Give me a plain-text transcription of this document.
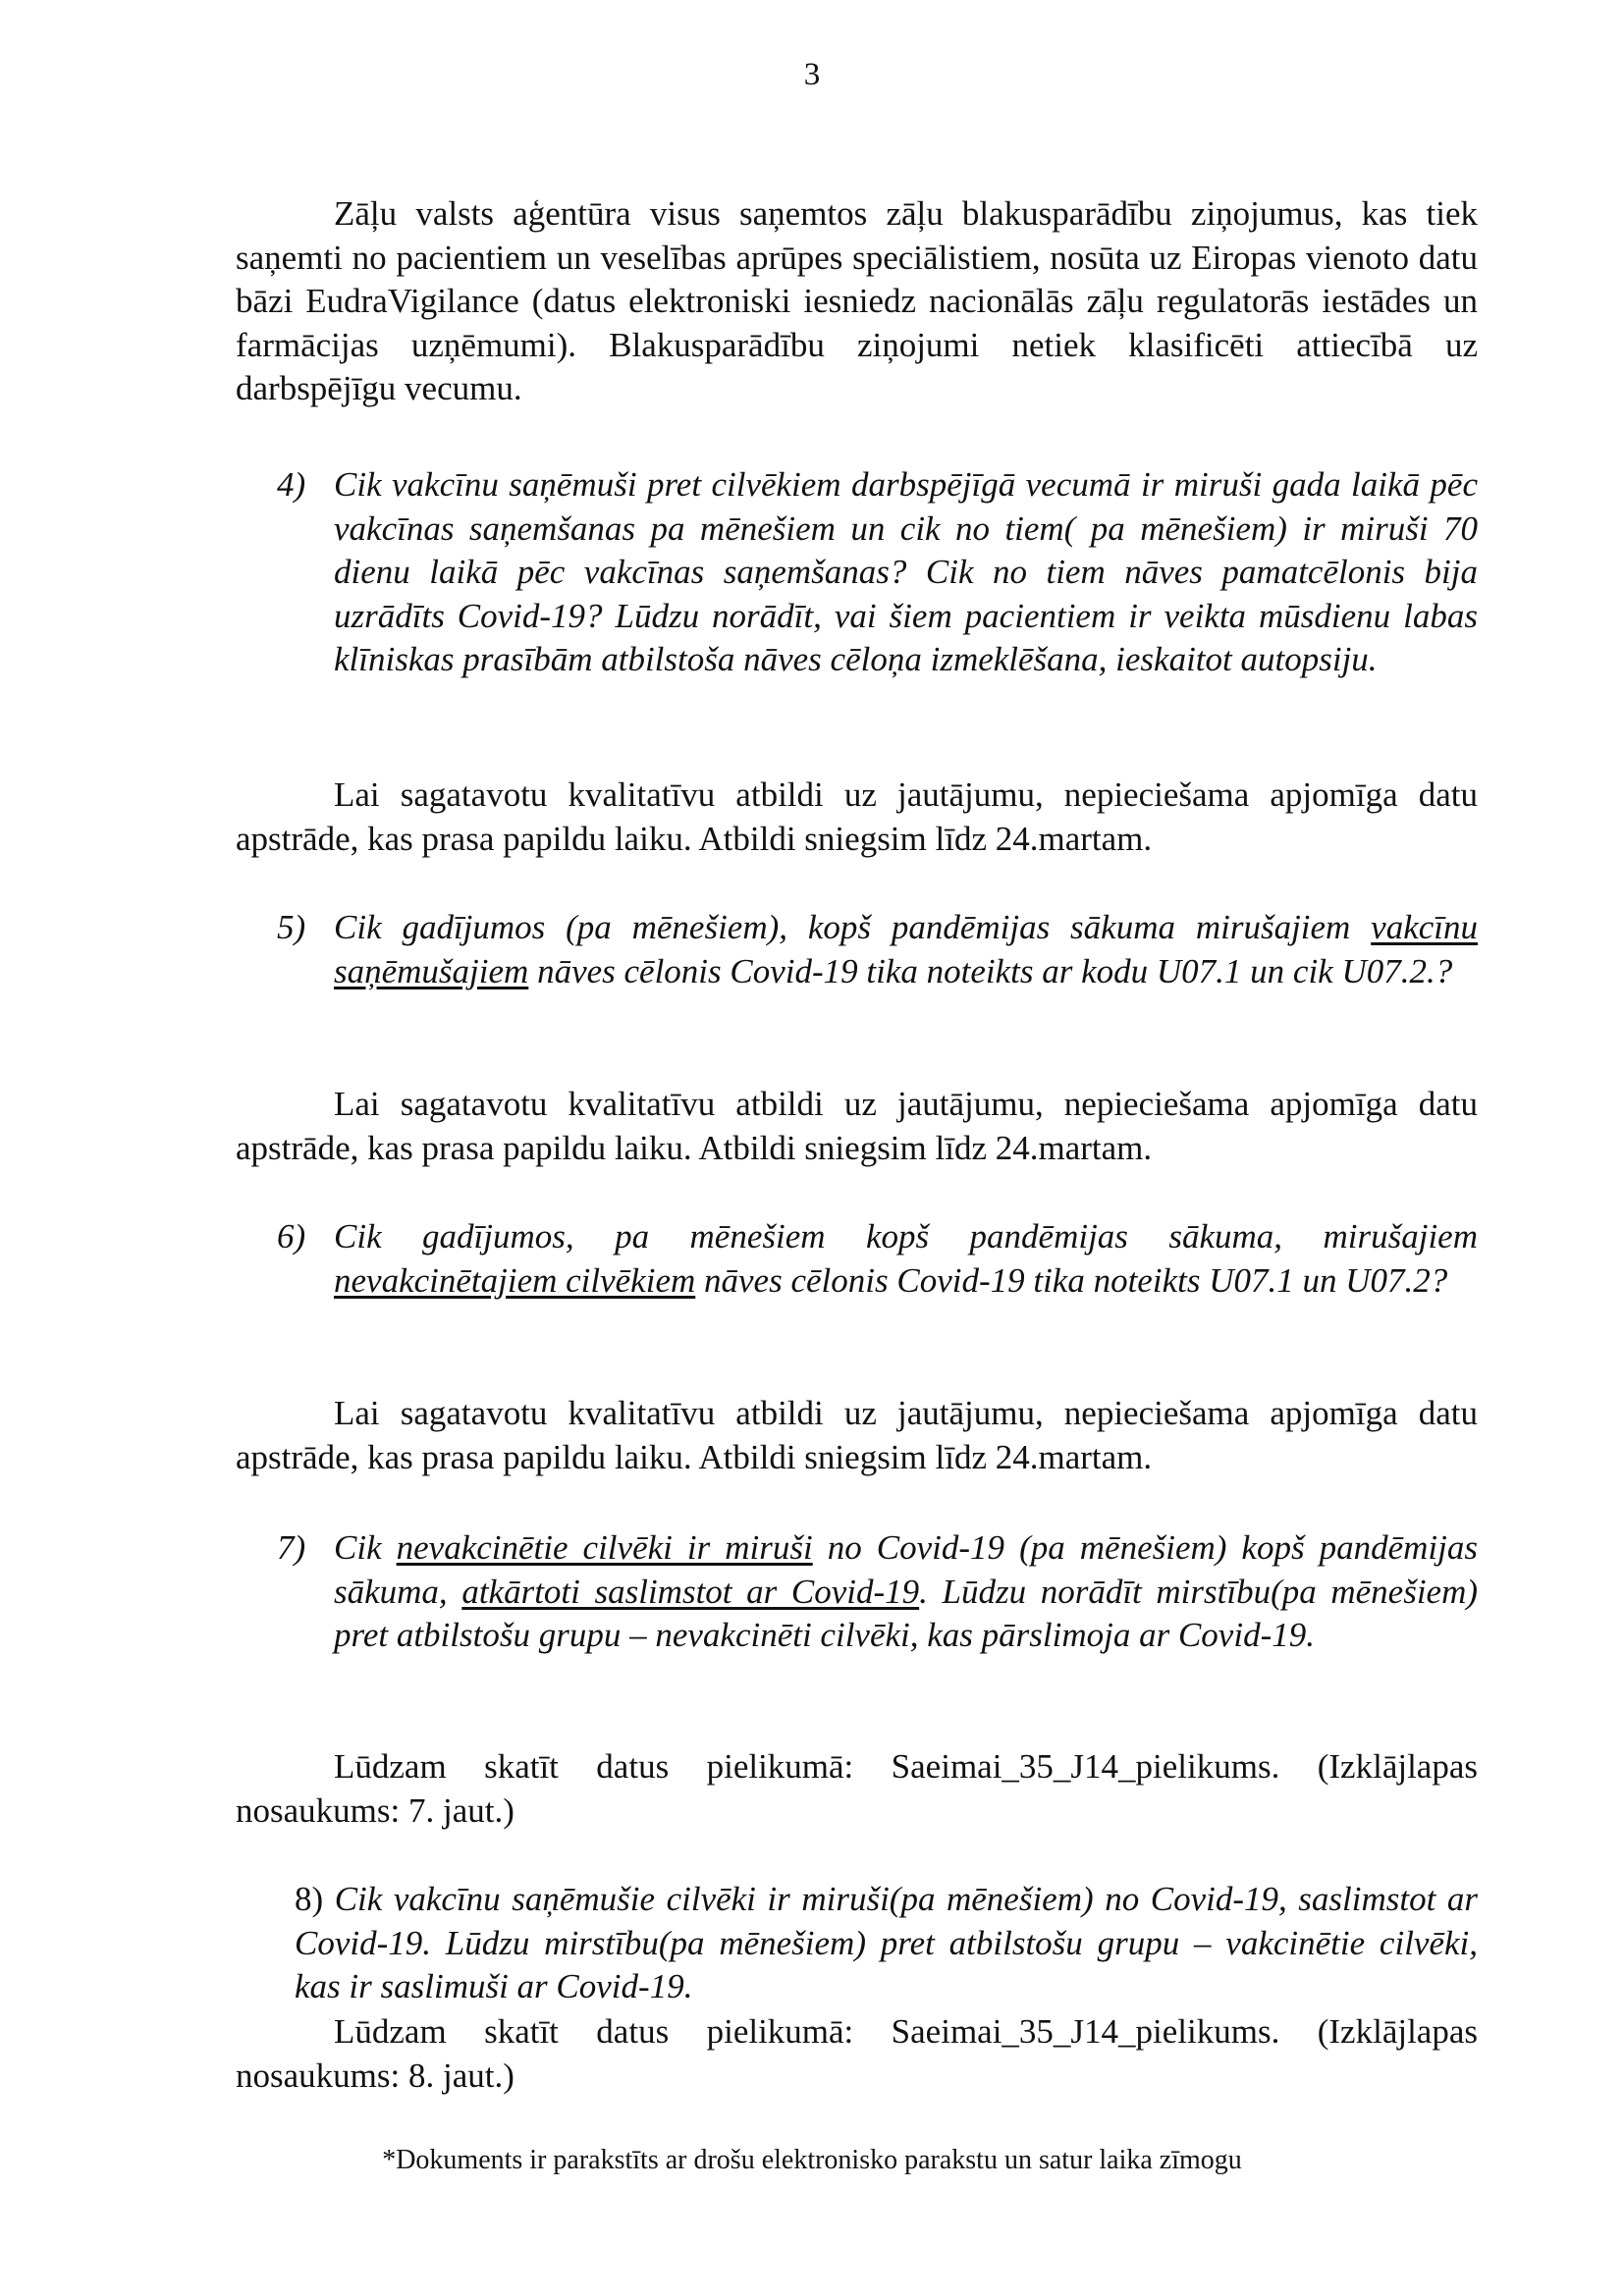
3

Zāļu valsts aģentūra visus saņemtos zāļu blakusparādību ziņojumus, kas tiek saņemti no pacientiem un veselības aprūpes speciālistiem, nosūta uz Eiropas vienoto datu bāzi EudraVigilance (datus elektroniski iesniedz nacionālās zāļu regulatorās iestādes un farmācijas uzņēmumi). Blakusparādību ziņojumi netiek klasificēti attiecībā uz darbspējīgu vecumu.

4) Cik vakcīnu saņēmuši pret cilvēkiem darbspējīgā vecumā ir miruši gada laikā pēc vakcīnas saņemšanas pa mēnešiem un cik no tiem( pa mēnešiem) ir miruši 70 dienu laikā pēc vakcīnas saņemšanas? Cik no tiem nāves pamatcēlonis bija uzrādīts Covid-19? Lūdzu norādīt, vai šiem pacientiem ir veikta mūsdienu labas klīniskas prasībām atbilstoša nāves cēloņa izmeklēšana, ieskaitot autopsiju.

Lai sagatavotu kvalitatīvu atbildi uz jautājumu, nepieciešama apjomīga datu apstrāde, kas prasa papildu laiku. Atbildi sniegsim līdz 24.martam.

5) Cik gadījumos (pa mēnešiem), kopš pandēmijas sākuma mirušajiem vakcīnu saņēmušajiem nāves cēlonis Covid-19 tika noteikts ar kodu U07.1 un cik U07.2.?

Lai sagatavotu kvalitatīvu atbildi uz jautājumu, nepieciešama apjomīga datu apstrāde, kas prasa papildu laiku. Atbildi sniegsim līdz 24.martam.

6) Cik gadījumos, pa mēnešiem kopš pandēmijas sākuma, mirušajiem nevakcinētajiem cilvēkiem nāves cēlonis Covid-19 tika noteikts U07.1 un U07.2?

Lai sagatavotu kvalitatīvu atbildi uz jautājumu, nepieciešama apjomīga datu apstrāde, kas prasa papildu laiku. Atbildi sniegsim līdz 24.martam.

7) Cik nevakcinētie cilvēki ir miruši no Covid-19 (pa mēnešiem) kopš pandēmijas sākuma, atkārtoti saslimstot ar Covid-19. Lūdzu norādīt mirstību(pa mēnešiem) pret atbilstošu grupu – nevakcinēti cilvēki, kas pārslimoja ar Covid-19.

Lūdzam skatīt datus pielikumā: Saeimai_35_J14_pielikums. (Izklājlapas nosaukums: 7. jaut.)

8) Cik vakcīnu saņēmušie cilvēki ir miruši(pa mēnešiem) no Covid-19, saslimstot ar Covid-19. Lūdzu mirstību(pa mēnešiem) pret atbilstošu grupu – vakcinētie cilvēki, kas ir saslimuši ar Covid-19.

Lūdzam skatīt datus pielikumā: Saeimai_35_J14_pielikums. (Izklājlapas nosaukums: 8. jaut.)

*Dokuments ir parakstīts ar drošu elektronisko parakstu un satur laika zīmogu
